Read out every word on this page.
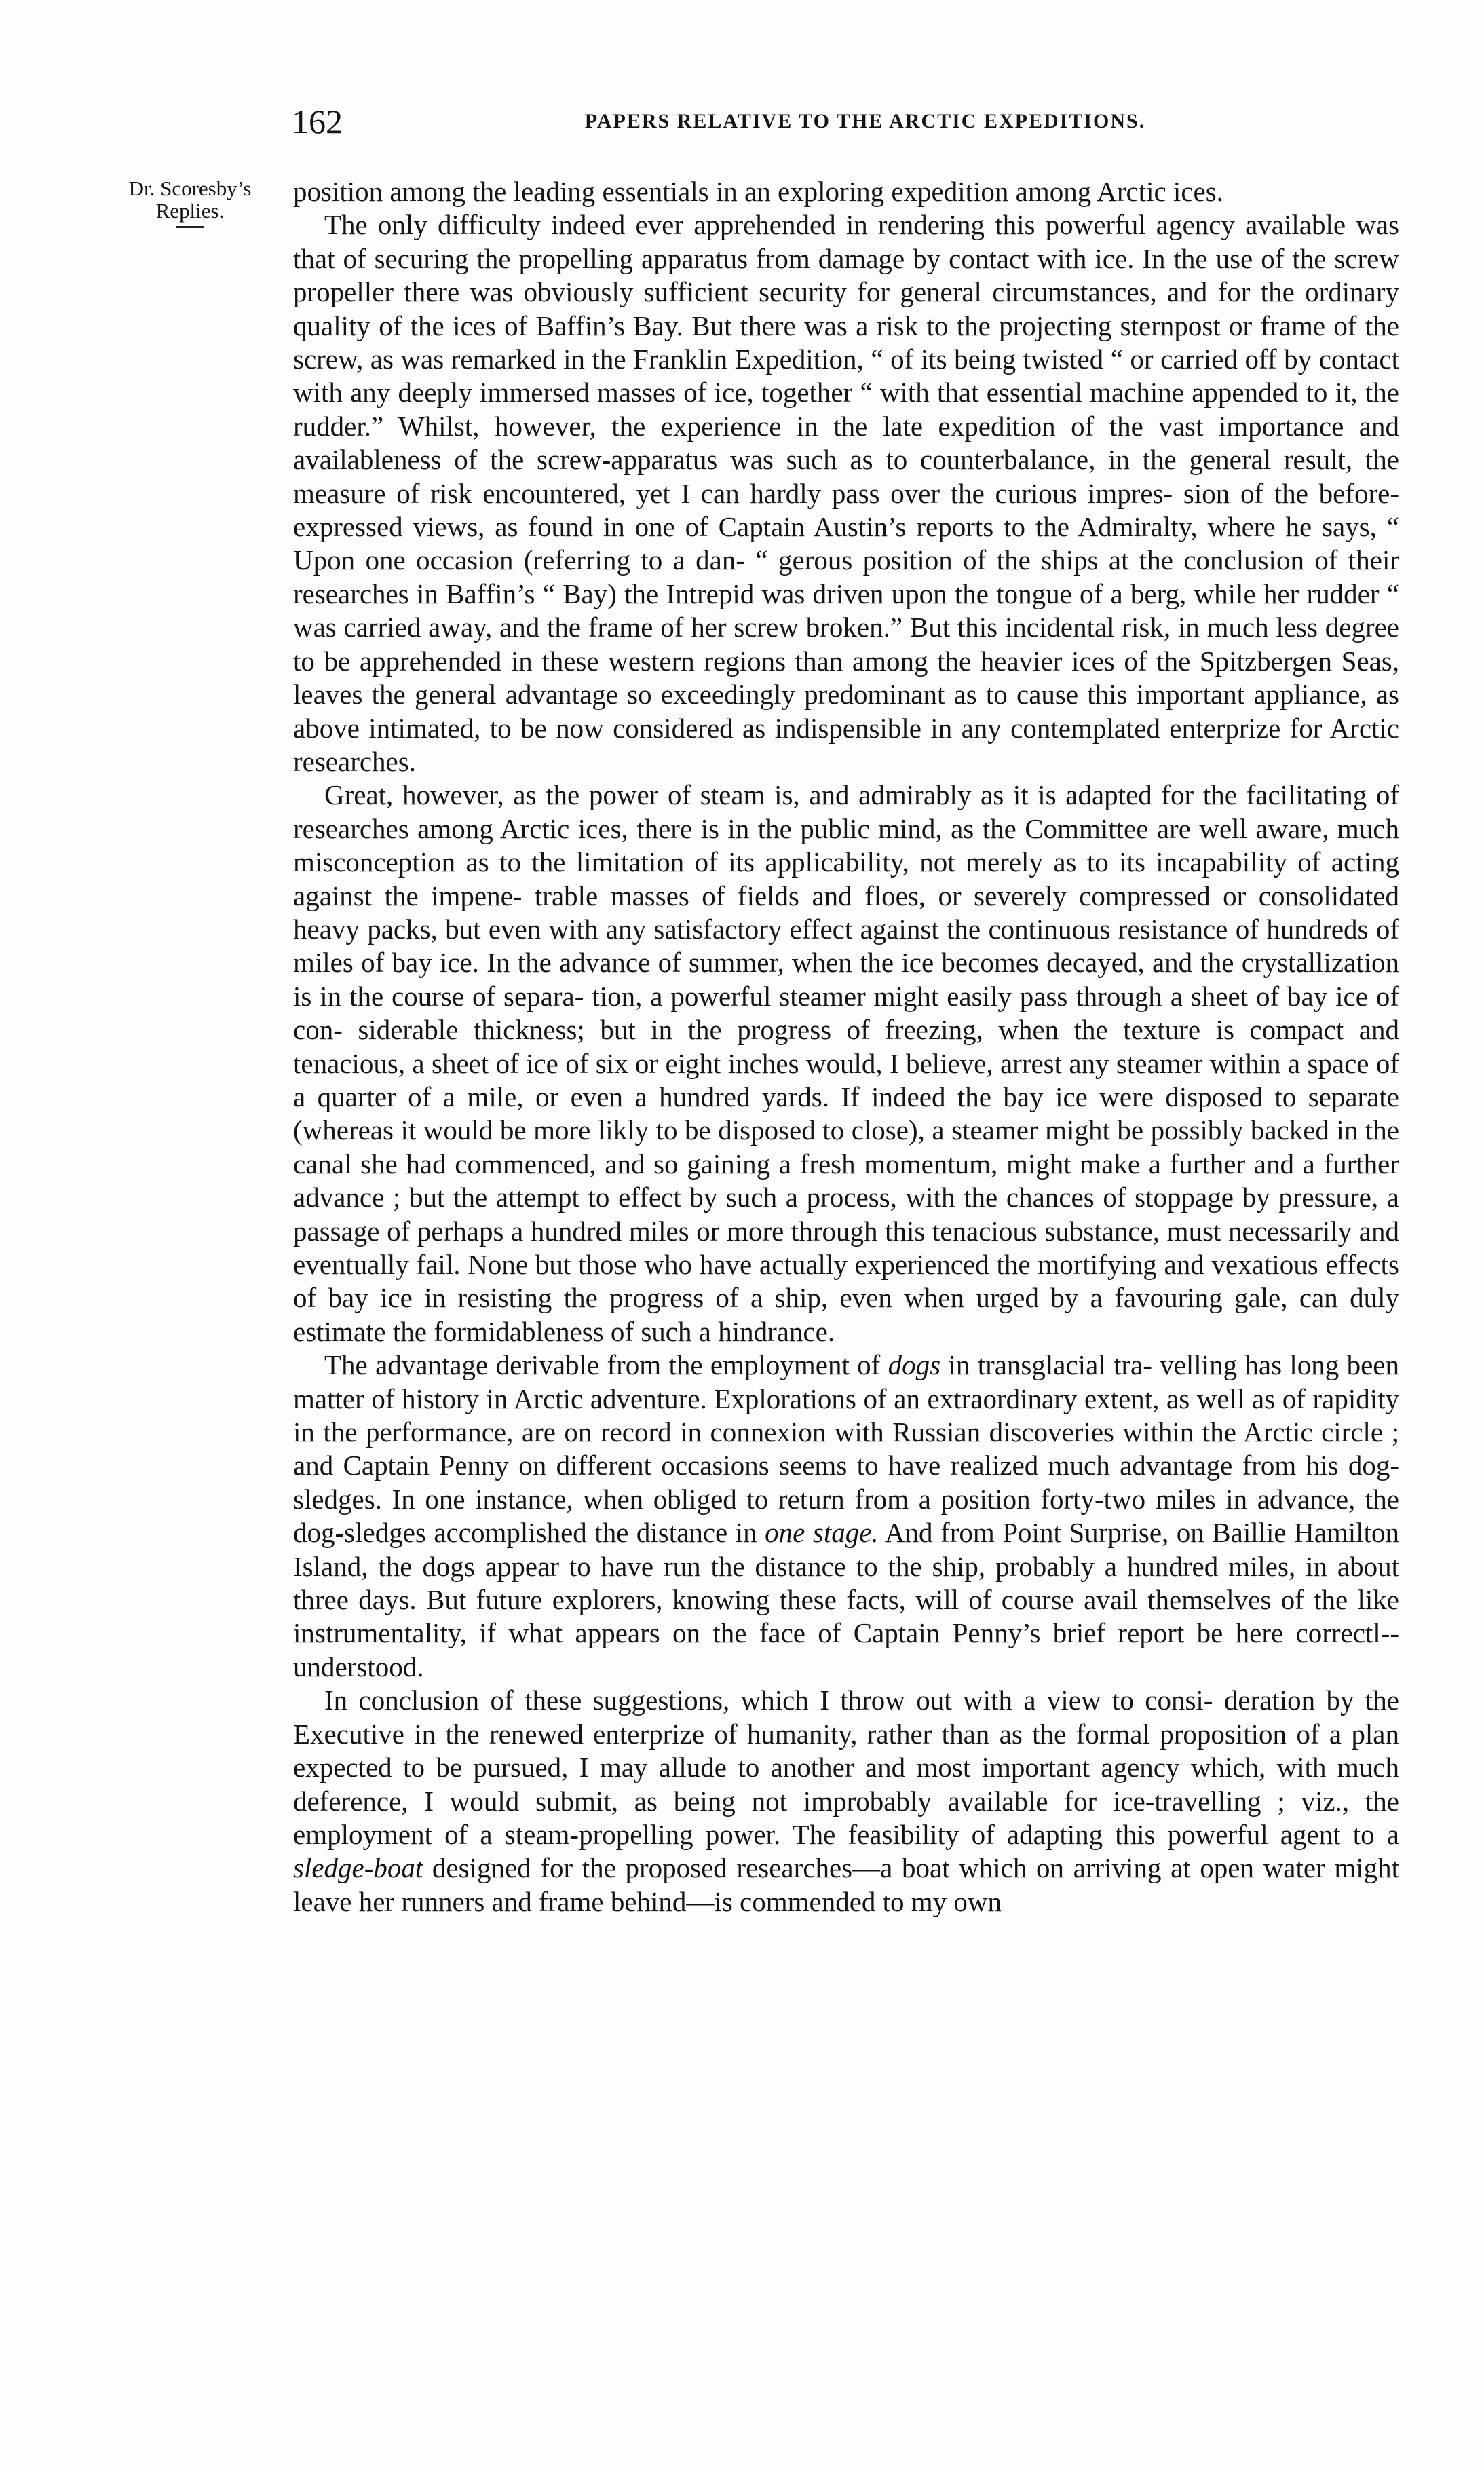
162	PAPERS RELATIVE TO THE ARCTIC EXPEDITIONS.
Dr. Scoresby’s
Replies.

position among the leading essentials in an exploring expedition among Arctic ices.

The only difficulty indeed ever apprehended in rendering this powerful agency available was that of securing the propelling apparatus from damage by contact with ice. In the use of the screw propeller there was obviously sufficient security for general circumstances, and for the ordinary quality of the ices of Baffin’s Bay. But there was a risk to the projecting sternpost or frame of the screw, as was remarked in the Franklin Expedition, “ of its being twisted “ or carried off by contact with any deeply immersed masses of ice, together “ with that essential machine appended to it, the rudder.” Whilst, however, the experience in the late expedition of the vast importance and availableness of the screw-apparatus was such as to counterbalance, in the general result, the measure of risk encountered, yet I can hardly pass over the curious impres- sion of the before-expressed views, as found in one of Captain Austin’s reports to the Admiralty, where he says, “ Upon one occasion (referring to a dan- “ gerous position of the ships at the conclusion of their researches in Baffin’s “ Bay) the Intrepid was driven upon the tongue of a berg, while her rudder “ was carried away, and the frame of her screw broken.” But this incidental risk, in much less degree to be apprehended in these western regions than among the heavier ices of the Spitzbergen Seas, leaves the general advantage so exceedingly predominant as to cause this important appliance, as above intimated, to be now considered as indispensible in any contemplated enterprize for Arctic researches.

Great, however, as the power of steam is, and admirably as it is adapted for the facilitating of researches among Arctic ices, there is in the public mind, as the Committee are well aware, much misconception as to the limitation of its applicability, not merely as to its incapability of acting against the impene- trable masses of fields and floes, or severely compressed or consolidated heavy packs, but even with any satisfactory effect against the continuous resistance of hundreds of miles of bay ice. In the advance of summer, when the ice becomes decayed, and the crystallization is in the course of separa- tion, a powerful steamer might easily pass through a sheet of bay ice of con- siderable thickness; but in the progress of freezing, when the texture is compact and tenacious, a sheet of ice of six or eight inches would, I believe, arrest any steamer within a space of a quarter of a mile, or even a hundred yards. If indeed the bay ice were disposed to separate (whereas it would be more likly to be disposed to close), a steamer might be possibly backed in the canal she had commenced, and so gaining a fresh momentum, might make a further and a further advance ; but the attempt to effect by such a process, with the chances of stoppage by pressure, a passage of perhaps a hundred miles or more through this tenacious substance, must necessarily and eventually fail. None but those who have actually experienced the mortifying and vexatious effects of bay ice in resisting the progress of a ship, even when urged by a favouring gale, can duly estimate the formidableness of such a hindrance.

The advantage derivable from the employment of dogs in transglacial tra- velling has long been matter of history in Arctic adventure. Explorations of an extraordinary extent, as well as of rapidity in the performance, are on record in connexion with Russian discoveries within the Arctic circle ; and Captain Penny on different occasions seems to have realized much advantage from his dog-sledges. In one instance, when obliged to return from a position forty-two miles in advance, the dog-sledges accomplished the distance in one stage. And from Point Surprise, on Baillie Hamilton Island, the dogs appear to have run the distance to the ship, probably a hundred miles, in about three days. But future explorers, knowing these facts, will of course avail themselves of the like instrumentality, if what appears on the face of Captain Penny’s brief report be here correctl-- understood.

In conclusion of these suggestions, which I throw out with a view to consi- deration by the Executive in the renewed enterprize of humanity, rather than as the formal proposition of a plan expected to be pursued, I may allude to another and most important agency which, with much deference, I would submit, as being not improbably available for ice-travelling ; viz., the employment of a steam-propelling power. The feasibility of adapting this powerful agent to a sledge-boat designed for the proposed researches—a boat which on arriving at open water might leave her runners and frame behind—is commended to my own
